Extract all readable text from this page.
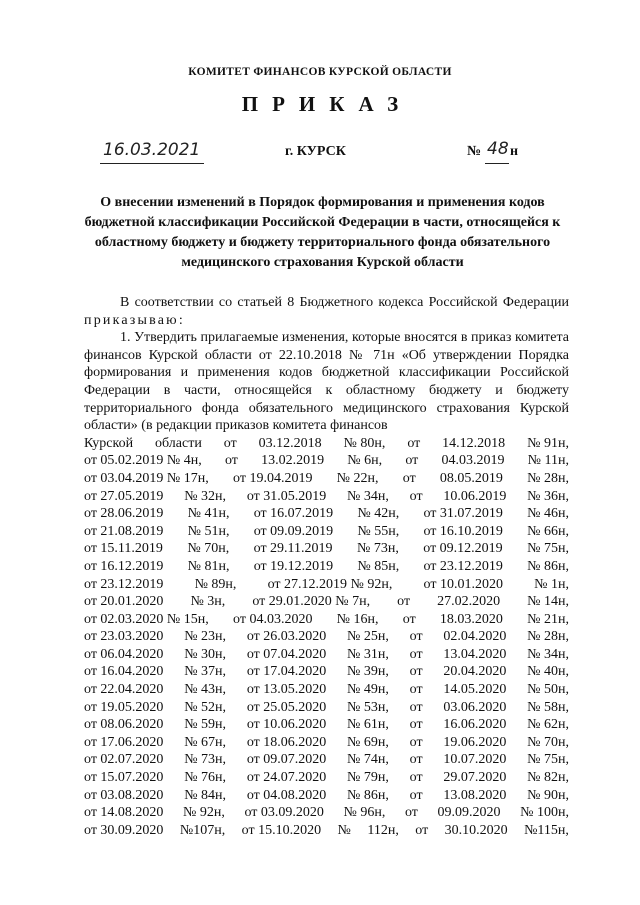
КОМИТЕТ ФИНАНСОВ КУРСКОЙ ОБЛАСТИ
ПРИКАЗ
16.03.2021	г. КУРСК	№ 48 н
О внесении изменений в Порядок формирования и применения кодов бюджетной классификации Российской Федерации в части, относящейся к областному бюджету и бюджету территориального фонда обязательного медицинского страхования Курской области

В соответствии со статьей 8 Бюджетного кодекса Российской Федерации приказываю:

1. Утвердить прилагаемые изменения, которые вносятся в приказ комитета финансов Курской области от 22.10.2018 № 71н «Об утверждении Порядка формирования и применения кодов бюджетной классификации Российской Федерации в части, относящейся к областному бюджету и бюджету территориального фонда обязательного медицинского страхования Курской области» (в редакции приказов комитета финансов

Курской области от 03.12.2018 № 80н, от 14.12.2018 № 91н,
от 05.02.2019 № 4н, от 13.02.2019 № 6н, от 04.03.2019 № 11н,
от 03.04.2019 № 17н, от 19.04.2019 № 22н, от 08.05.2019 № 28н,
от 27.05.2019 № 32н, от 31.05.2019 № 34н, от 10.06.2019 № 36н,
от 28.06.2019 № 41н, от 16.07.2019 № 42н, от 31.07.2019 № 46н,
от 21.08.2019 № 51н, от 09.09.2019 № 55н, от 16.10.2019 № 66н,
от 15.11.2019 № 70н, от 29.11.2019 № 73н, от 09.12.2019 № 75н,
от 16.12.2019 № 81н, от 19.12.2019 № 85н, от 23.12.2019 № 86н,
от 23.12.2019 № 89н, от 27.12.2019 № 92н, от 10.01.2020 № 1н,
от 20.01.2020 № 3н, от 29.01.2020 № 7н, от 27.02.2020 № 14н,
от 02.03.2020 № 15н, от 04.03.2020 № 16н, от 18.03.2020 № 21н,
от 23.03.2020 № 23н, от 26.03.2020 № 25н, от 02.04.2020 № 28н,
от 06.04.2020 № 30н, от 07.04.2020 № 31н, от 13.04.2020 № 34н,
от 16.04.2020 № 37н, от 17.04.2020 № 39н, от 20.04.2020 № 40н,
от 22.04.2020 № 43н, от 13.05.2020 № 49н, от 14.05.2020 № 50н,
от 19.05.2020 № 52н, от 25.05.2020 № 53н, от 03.06.2020 № 58н,
от 08.06.2020 № 59н, от 10.06.2020 № 61н, от 16.06.2020 № 62н,
от 17.06.2020 № 67н, от 18.06.2020 № 69н, от 19.06.2020 № 70н,
от 02.07.2020 № 73н, от 09.07.2020 № 74н, от 10.07.2020 № 75н,
от 15.07.2020 № 76н, от 24.07.2020 № 79н, от 29.07.2020 № 82н,
от 03.08.2020 № 84н, от 04.08.2020 № 86н, от 13.08.2020 № 90н,
от 14.08.2020 № 92н, от 03.09.2020 № 96н, от 09.09.2020 № 100н,
от 30.09.2020 №107н, от 15.10.2020 № 112н, от 30.10.2020 №115н,
